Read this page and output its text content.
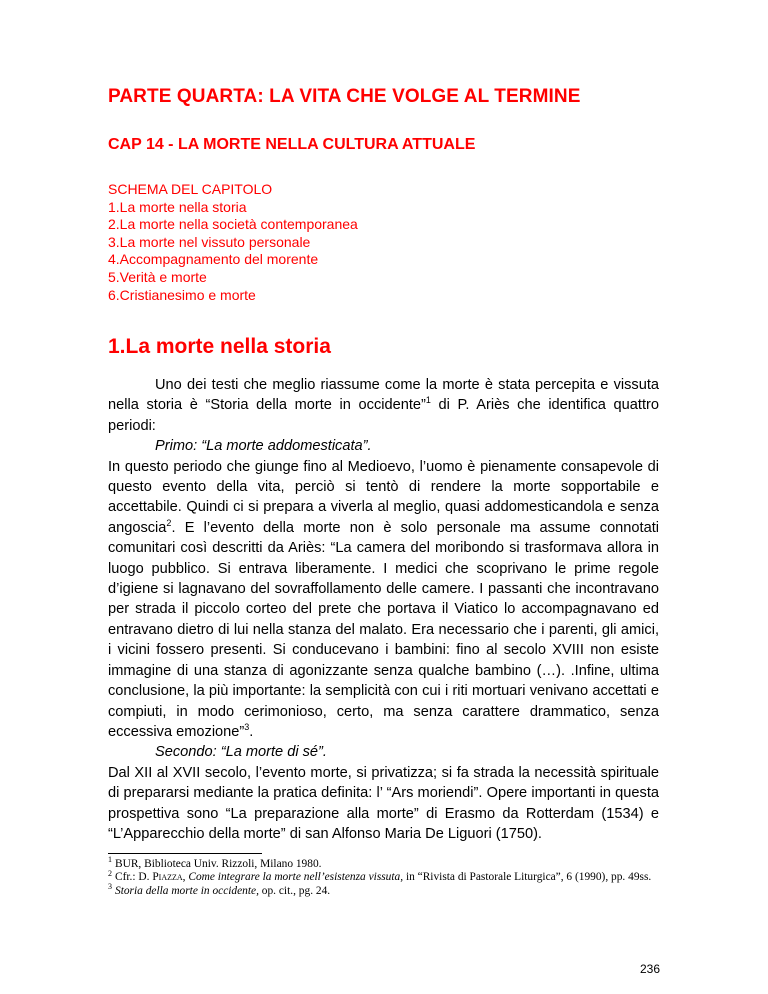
PARTE QUARTA: LA VITA CHE VOLGE AL TERMINE
CAP 14 - LA MORTE NELLA CULTURA ATTUALE
SCHEMA DEL CAPITOLO
1.La morte nella storia
2.La morte nella società contemporanea
3.La morte nel vissuto personale
4.Accompagnamento del morente
5.Verità e morte
6.Cristianesimo e morte
1.La morte nella storia

Uno dei testi che meglio riassume come la morte è stata percepita e vissuta nella storia è “Storia della morte in occidente”$^1$ di P. Ariès che identifica quattro periodi:

Primo: “La morte addomesticata”.

In questo periodo che giunge fino al Medioevo, l’uomo è pienamente consapevole di questo evento della vita, perciò si tentò di rendere la morte sopportabile e accettabile. Quindi ci si prepara a viverla al meglio, quasi addomesticandola e senza angoscia$^2$. E l’evento della morte non è solo personale ma assume connotati comunitari così descritti da Ariès: “La camera del moribondo si trasformava allora in luogo pubblico. Si entrava liberamente. I medici che scoprivano le prime regole d’igiene si lagnavano del sovraffollamento delle camere. I passanti che incontravano per strada il piccolo corteo del prete che portava il Viatico lo accompagnavano ed entravano dietro di lui nella stanza del malato. Era necessario che i parenti, gli amici, i vicini fossero presenti. Si conducevano i bambini: fino al secolo XVIII non esiste immagine di una stanza di agonizzante senza qualche bambino (…). .Infine, ultima conclusione, la più importante: la semplicità con cui i riti mortuari venivano accettati e compiuti, in modo cerimonioso, certo, ma senza carattere drammatico, senza eccessiva emozione”$^3$.

Secondo: “La morte di sé”.

Dal XII al XVII secolo, l’evento morte, si privatizza; si fa strada la necessità spirituale di prepararsi mediante la pratica definita: l’ “Ars moriendi”. Opere importanti in questa prospettiva sono “La preparazione alla morte” di Erasmo da Rotterdam (1534) e “L’Apparecchio della morte” di san Alfonso Maria De Liguori (1750).

$^1$ BUR, Biblioteca Univ. Rizzoli, Milano 1980.

$^2$ Cfr.: D. Piazza, Come integrare la morte nell’esistenza vissuta, in “Rivista di Pastorale Liturgica”, 6 (1990), pp. 49ss.

$^3$ Storia della morte in occidente, op. cit., pg. 24.

236
